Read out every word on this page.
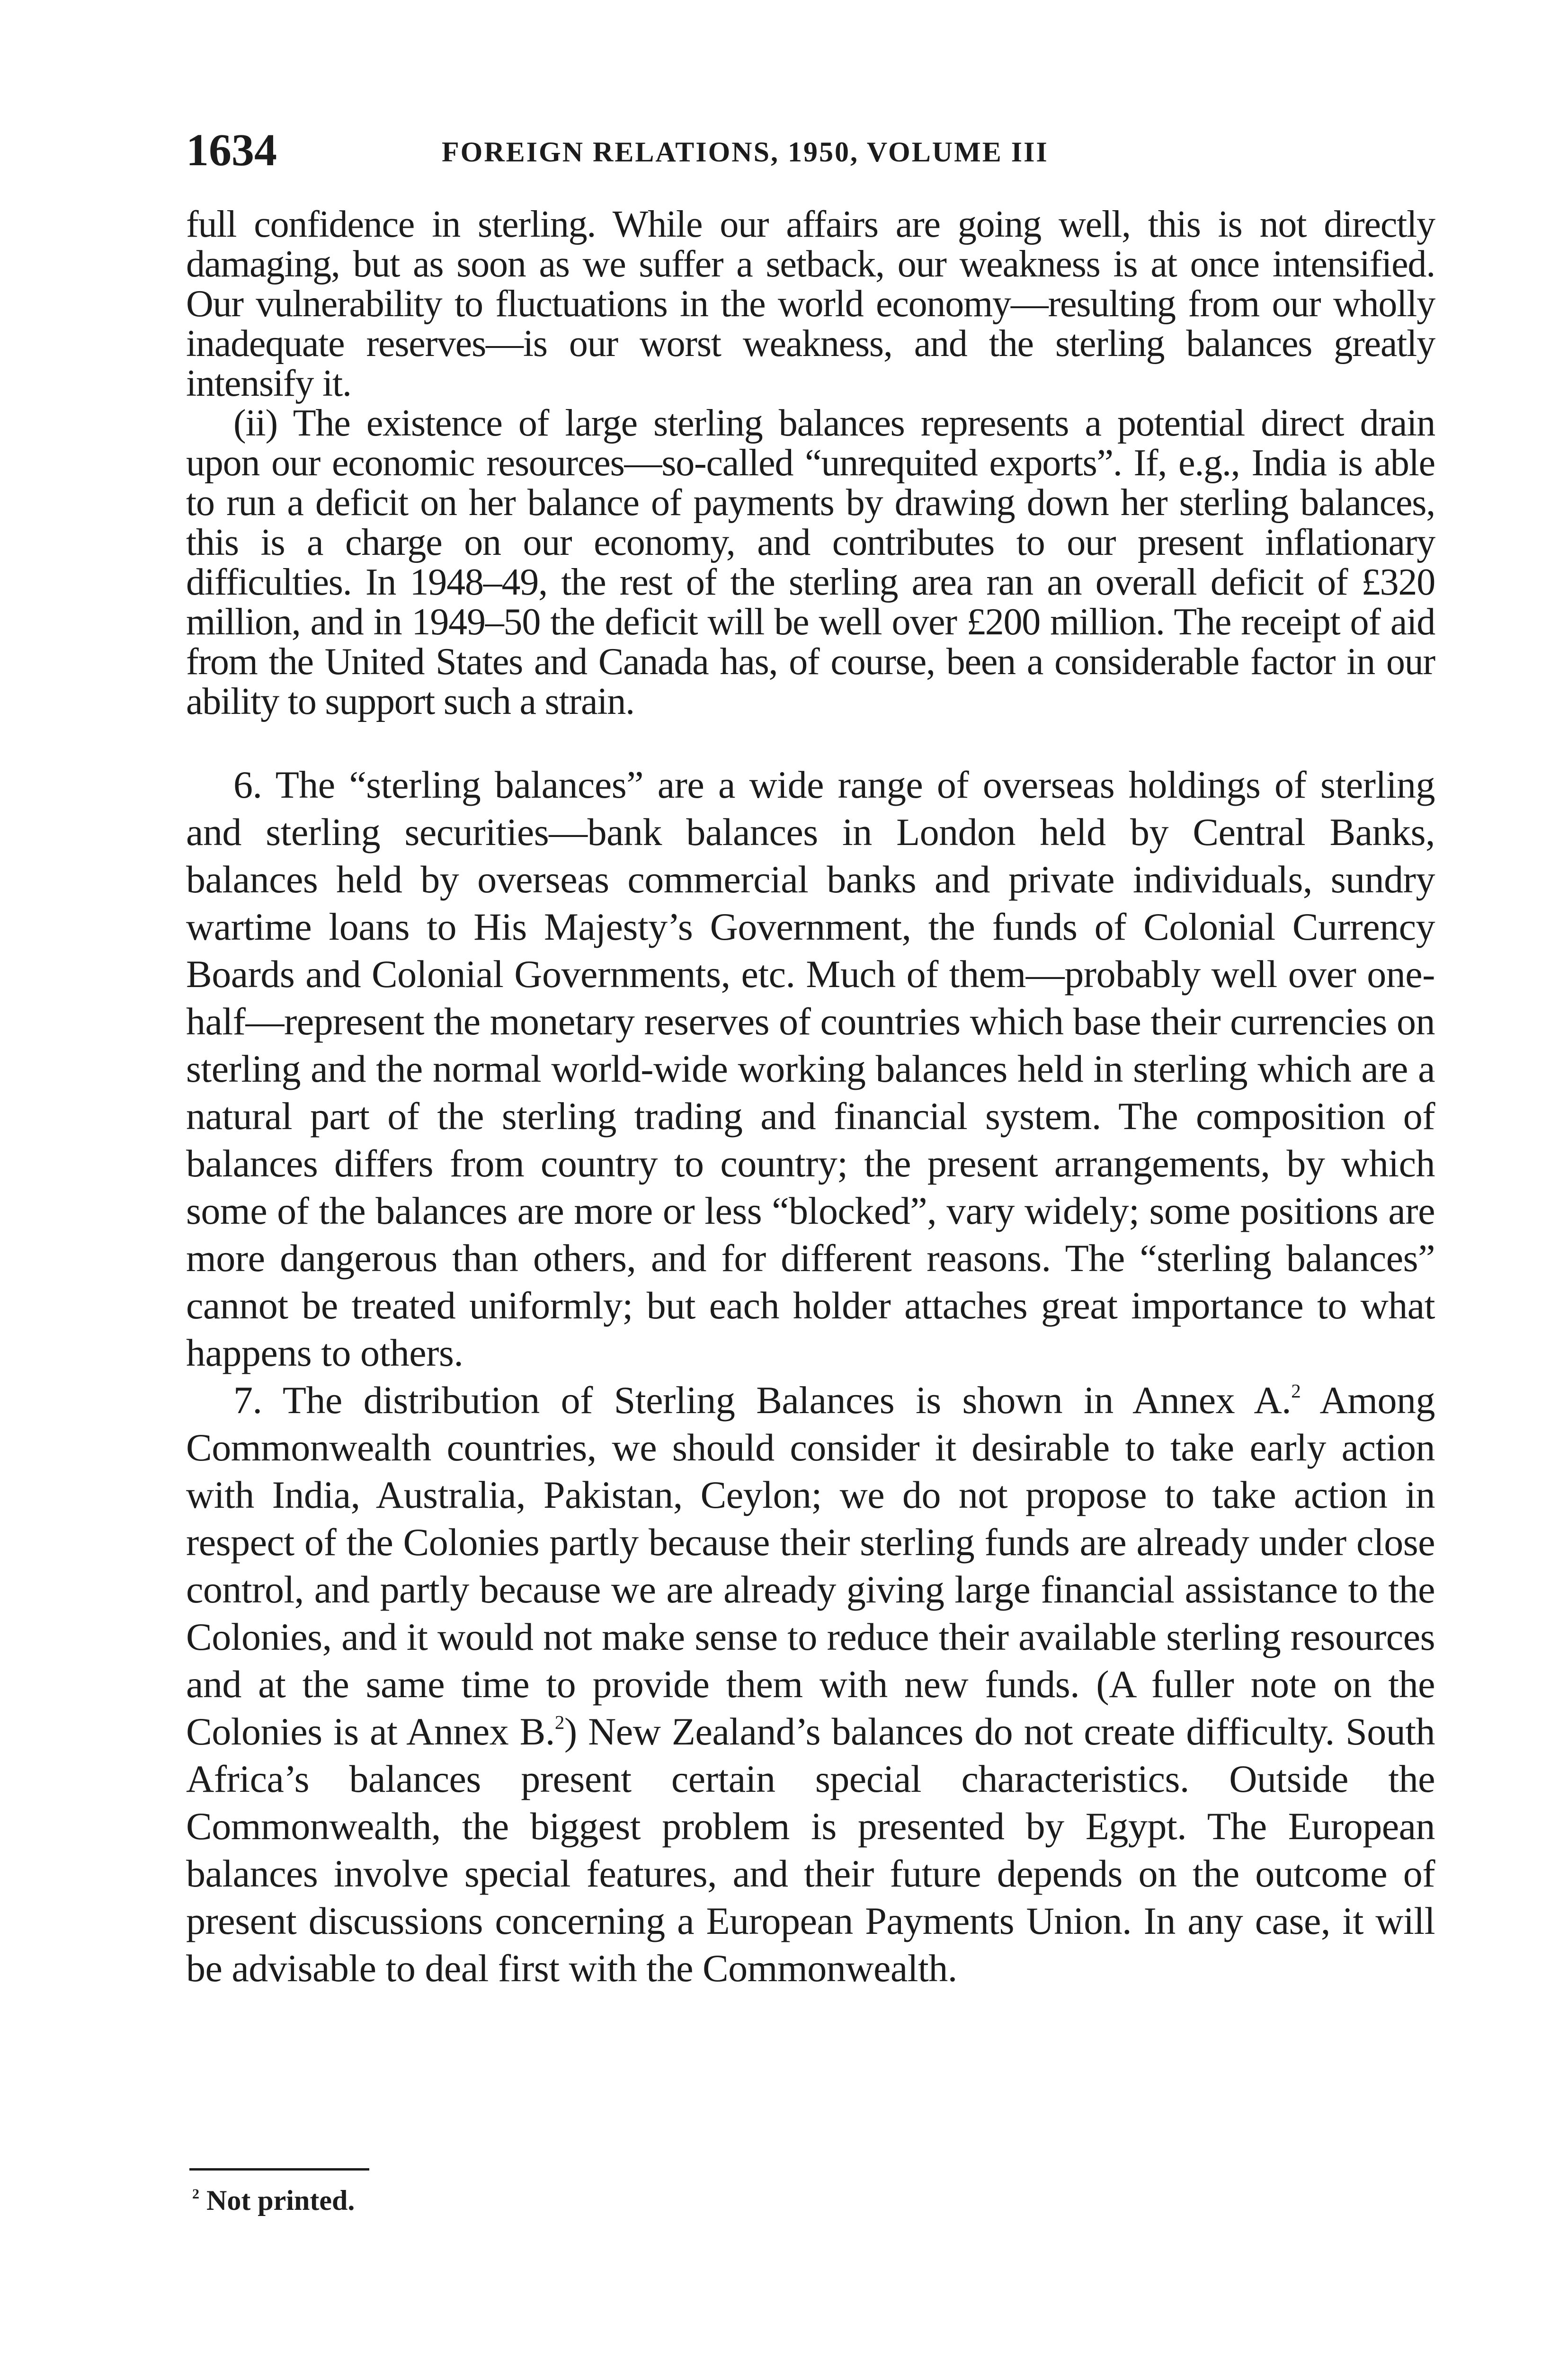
1634	FOREIGN RELATIONS, 1950, VOLUME III

full confidence in sterling. While our affairs are going well, this is not directly damaging, but as soon as we suffer a setback, our weakness is at once intensified. Our vulnerability to fluctuations in the world economy—resulting from our wholly inadequate reserves—is our worst weakness, and the sterling balances greatly intensify it.

(ii) The existence of large sterling balances represents a potential direct drain upon our economic resources—so-called “unrequited exports”. If, e.g., India is able to run a deficit on her balance of payments by drawing down her sterling balances, this is a charge on our economy, and contributes to our present inflationary difficulties. In 1948–49, the rest of the sterling area ran an overall deficit of £320 million, and in 1949–50 the deficit will be well over £200 million. The receipt of aid from the United States and Canada has, of course, been a considerable factor in our ability to support such a strain.

6. The “sterling balances” are a wide range of overseas holdings of sterling and sterling securities—bank balances in London held by Central Banks, balances held by overseas commercial banks and private individuals, sundry wartime loans to His Majesty’s Government, the funds of Colonial Currency Boards and Colonial Governments, etc. Much of them—probably well over one-half—represent the monetary reserves of countries which base their currencies on sterling and the normal world-wide working balances held in sterling which are a natural part of the sterling trading and financial system. The composition of balances differs from country to country; the present arrangements, by which some of the balances are more or less “blocked”, vary widely; some positions are more dangerous than others, and for different reasons. The “sterling balances” cannot be treated uniformly; but each holder attaches great importance to what happens to others.

7. The distribution of Sterling Balances is shown in Annex A.$^2$ Among Commonwealth countries, we should consider it desirable to take early action with India, Australia, Pakistan, Ceylon; we do not propose to take action in respect of the Colonies partly because their sterling funds are already under close control, and partly because we are already giving large financial assistance to the Colonies, and it would not make sense to reduce their available sterling resources and at the same time to provide them with new funds. (A fuller note on the Colonies is at Annex B.$^2$) New Zealand’s balances do not create difficulty. South Africa’s balances present certain special characteristics. Outside the Commonwealth, the biggest problem is presented by Egypt. The European balances involve special features, and their future depends on the outcome of present discussions concerning a European Payments Union. In any case, it will be advisable to deal first with the Commonwealth.

$^2$ Not printed.
